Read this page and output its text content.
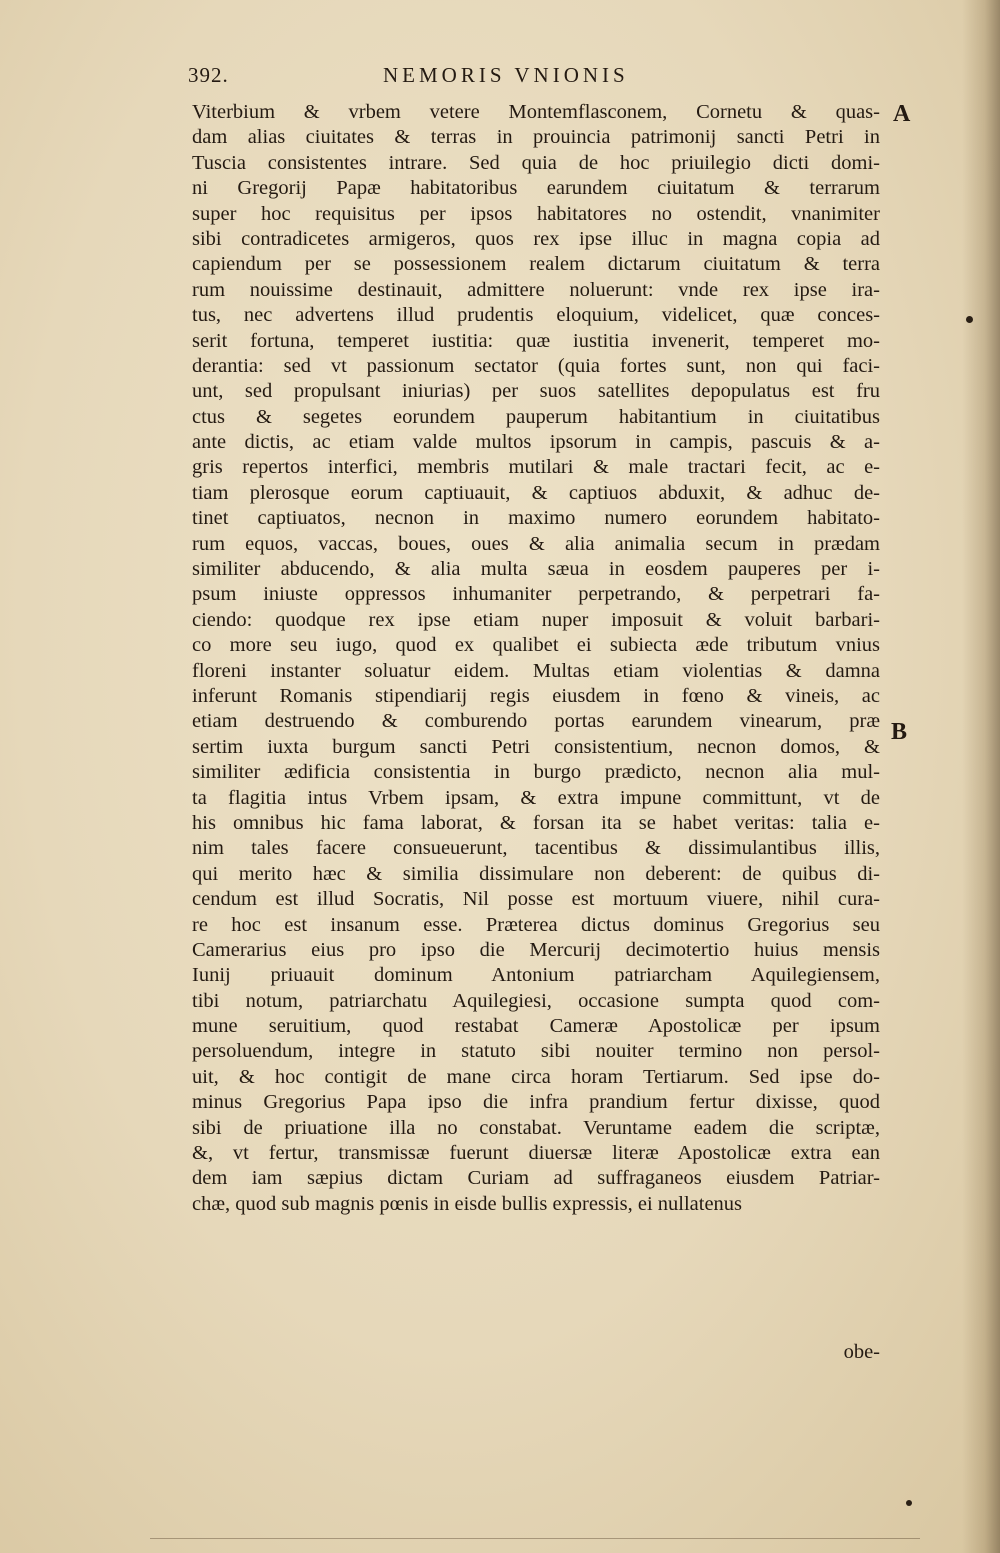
392.	NEMORIS VNIONIS
A
B
Viterbium & vrbem vetere Montemflasconem, Cornetu & quas-
dam alias ciuitates & terras in prouincia patrimonij sancti Petri in
Tuscia consistentes intrare. Sed quia de hoc priuilegio dicti domi-
ni Gregorij Papæ habitatoribus earundem ciuitatum & terrarum
super hoc requisitus per ipsos habitatores no ostendit, vnanimiter
sibi contradicetes armigeros, quos rex ipse illuc in magna copia ad
capiendum per se possessionem realem dictarum ciuitatum & terra
rum nouissime destinauit, admittere noluerunt: vnde rex ipse ira-
tus, nec advertens illud prudentis eloquium, videlicet, quæ conces-
serit fortuna, temperet iustitia: quæ iustitia invenerit, temperet mo-
derantia: sed vt passionum sectator (quia fortes sunt, non qui faci-
unt, sed propulsant iniurias) per suos satellites depopulatus est fru
ctus & segetes eorundem pauperum habitantium in ciuitatibus
ante dictis, ac etiam valde multos ipsorum in campis, pascuis & a-
gris repertos interfici, membris mutilari & male tractari fecit, ac e-
tiam plerosque eorum captiuauit, & captiuos abduxit, & adhuc de-
tinet captiuatos, necnon in maximo numero eorundem habitato-
rum equos, vaccas, boues, oues & alia animalia secum in prædam
similiter abducendo, & alia multa sæua in eosdem pauperes per i-
psum iniuste oppressos inhumaniter perpetrando, & perpetrari fa-
ciendo: quodque rex ipse etiam nuper imposuit & voluit barbari-
co more seu iugo, quod ex qualibet ei subiecta æde tributum vnius
floreni instanter soluatur eidem. Multas etiam violentias & damna
inferunt Romanis stipendiarij regis eiusdem in fœno & vineis, ac
etiam destruendo & comburendo portas earundem vinearum, præ
sertim iuxta burgum sancti Petri consistentium, necnon domos, &
similiter ædificia consistentia in burgo prædicto, necnon alia mul-
ta flagitia intus Vrbem ipsam, & extra impune committunt, vt de
his omnibus hic fama laborat, & forsan ita se habet veritas: talia e-
nim tales facere consueuerunt, tacentibus & dissimulantibus illis,
qui merito hæc & similia dissimulare non deberent: de quibus di-
cendum est illud Socratis, Nil posse est mortuum viuere, nihil cura-
re hoc est insanum esse. Præterea dictus dominus Gregorius seu
Camerarius eius pro ipso die Mercurij decimotertio huius mensis
Iunij priuauit dominum Antonium patriarcham Aquilegiensem,
tibi notum, patriarchatu Aquilegiesi, occasione sumpta quod com-
mune seruitium, quod restabat Cameræ Apostolicæ per ipsum
persoluendum, integre in statuto sibi nouiter termino non persol-
uit, & hoc contigit de mane circa horam Tertiarum. Sed ipse do-
minus Gregorius Papa ipso die infra prandium fertur dixisse, quod
sibi de priuatione illa no constabat. Veruntame eadem die scriptæ,
&, vt fertur, transmissæ fuerunt diuersæ literæ Apostolicæ extra ean
dem iam sæpius dictam Curiam ad suffraganeos eiusdem Patriar-
chæ, quod sub magnis pœnis in eisde bullis expressis, ei nullatenus
obe-
